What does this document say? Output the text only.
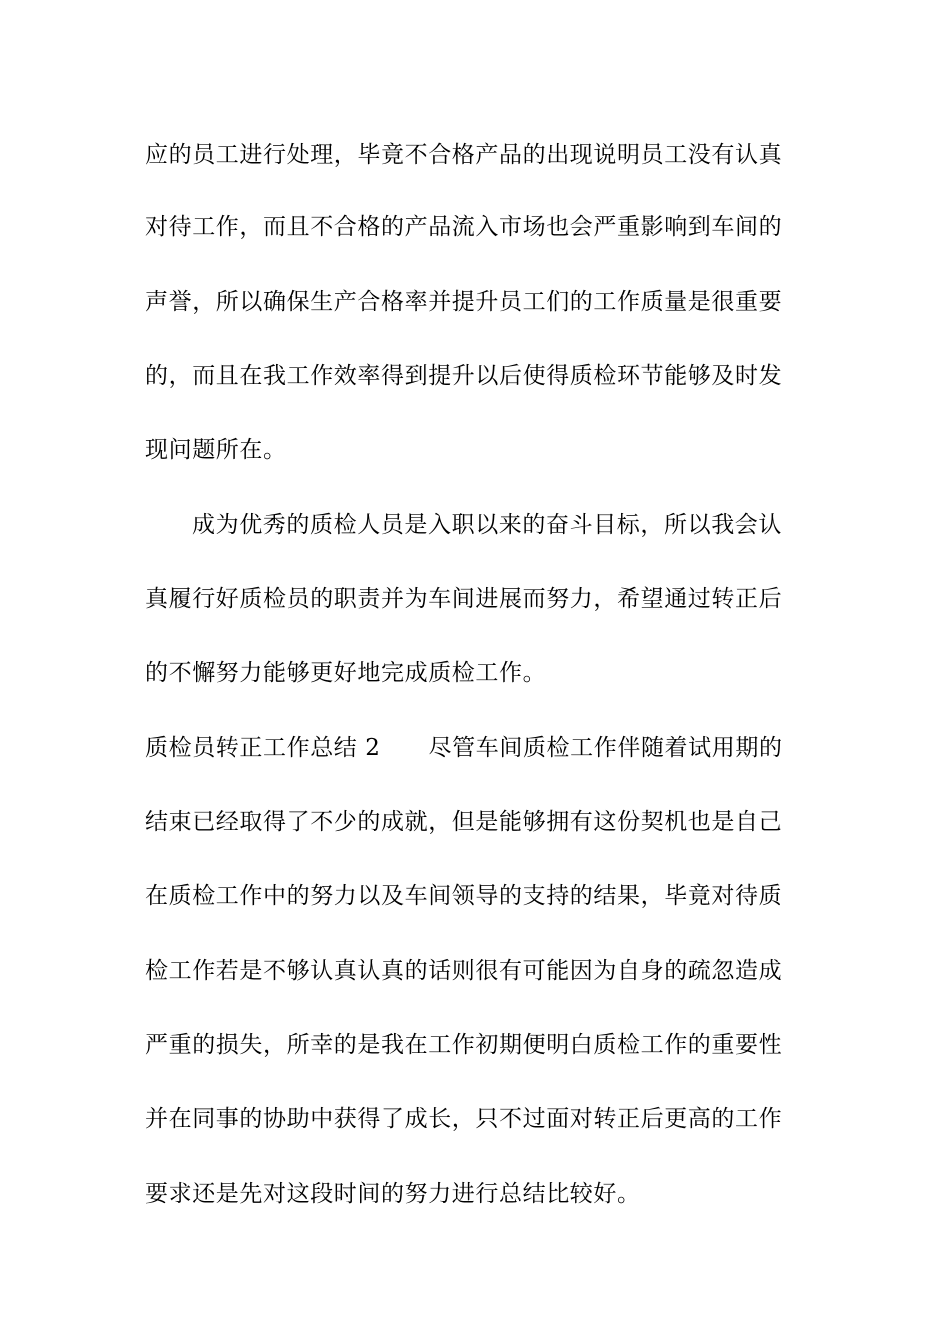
应的员工进行处理，毕竟不合格产品的出现说明员工没有认真
对待工作，而且不合格的产品流入市场也会严重影响到车间的
声誉，所以确保生产合格率并提升员工们的工作质量是很重要
的，而且在我工作效率得到提升以后使得质检环节能够及时发
现问题所在。
成为优秀的质检人员是入职以来的奋斗目标，所以我会认
真履行好质检员的职责并为车间进展而努力，希望通过转正后
的不懈努力能够更好地完成质检工作。
质检员转正工作总结 2 尽管车间质检工作伴随着试用期的
结束已经取得了不少的成就，但是能够拥有这份契机也是自己
在质检工作中的努力以及车间领导的支持的结果，毕竟对待质
检工作若是不够认真认真的话则很有可能因为自身的疏忽造成
严重的损失，所幸的是我在工作初期便明白质检工作的重要性
并在同事的协助中获得了成长，只不过面对转正后更高的工作
要求还是先对这段时间的努力进行总结比较好。
